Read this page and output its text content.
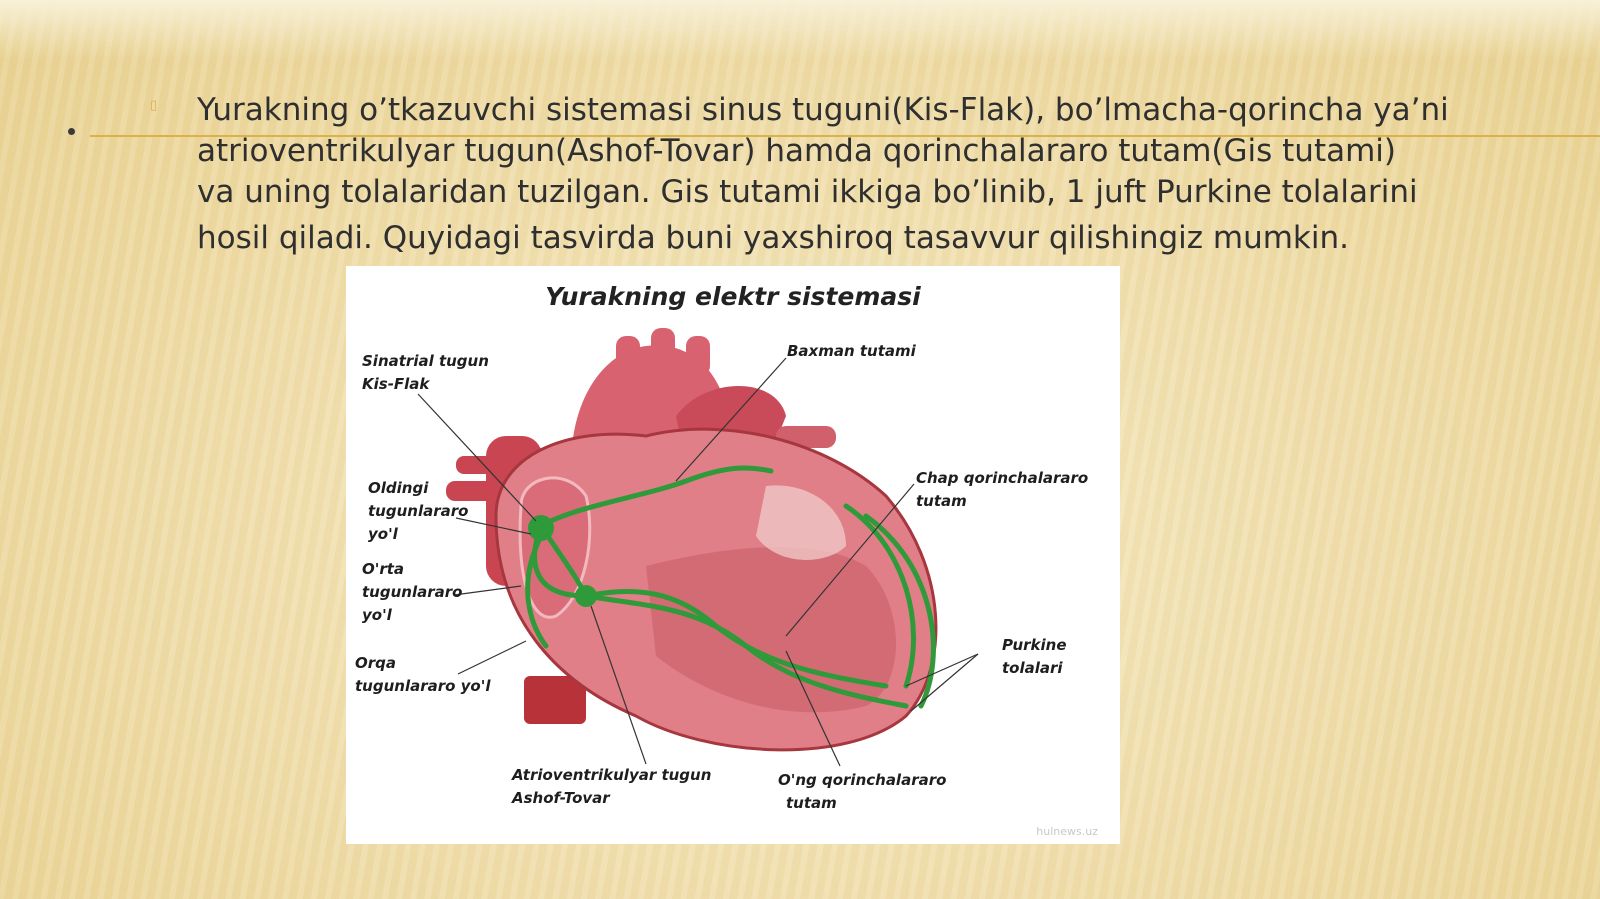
▯ Yurakning o’tkazuvchi sistemasi sinus tuguni(Kis-Flak), bo’lmacha-qorincha ya’ni
atrioventrikulyar tugun(Ashof-Tovar) hamda qorinchalararo tutam(Gis tutami)
va uning tolalaridan tuzilgan. Gis tutami ikkiga bo’linib, 1 juft Purkine tolalarini
hosil qiladi. Quyidagi tasvirda buni yaxshiroq tasavvur qilishingiz mumkin.
Yurakning elektr sistemasi
Sinatrial tugun
Kis-Flak
Baxman tutami
Oldingi
tugunlararo
yo'l
O'rta
tugunlararo
yo'l
Orqa
tugunlararo yo'l
Chap qorinchalararo
tutam
Purkine
tolalari
Atrioventrikulyar tugun
Ashof-Tovar
O'ng qorinchalararo
tutam
hulnews.uz
